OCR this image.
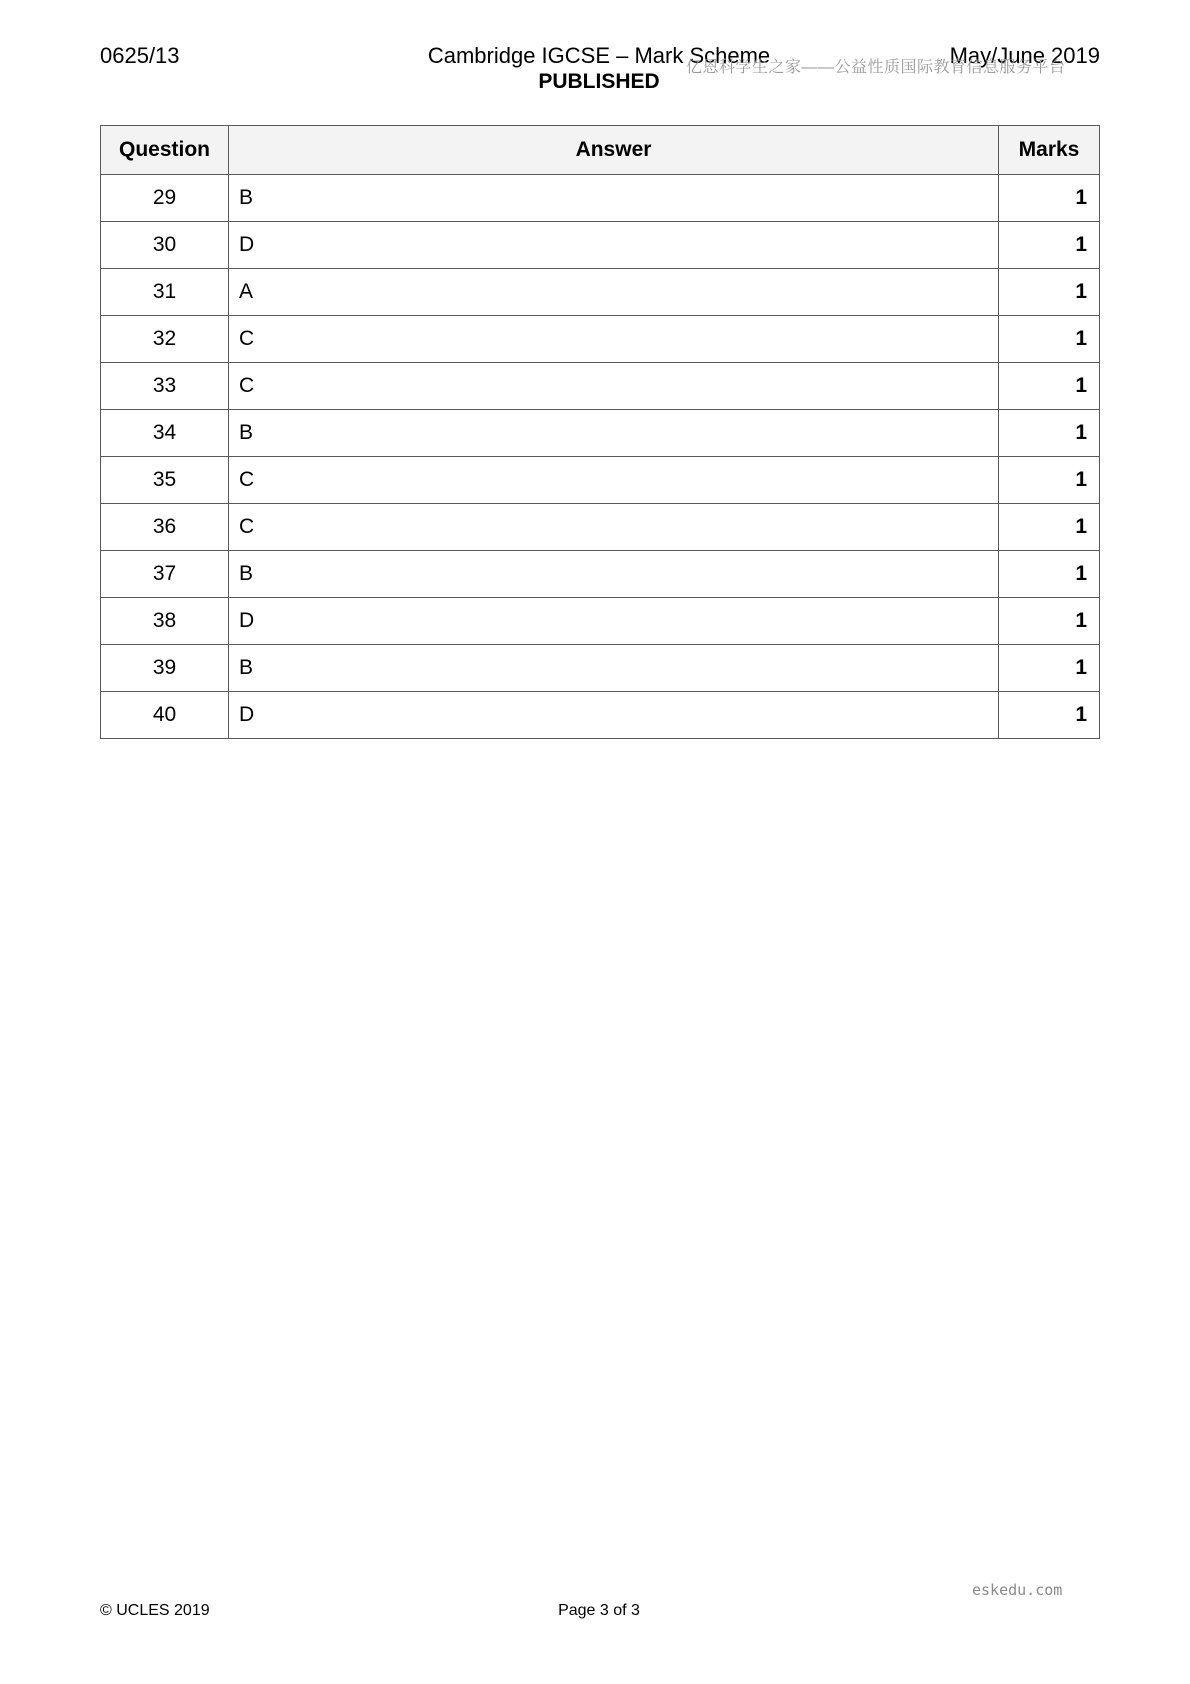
0625/13	Cambridge IGCSE – Mark Scheme	May/June 2019
PUBLISHED
亿恩科学生之家——公益性质国际教育信息服务平台
Question	Answer	Marks
29	B	1
30	D	1
31	A	1
32	C	1
33	C	1
34	B	1
35	C	1
36	C	1
37	B	1
38	D	1
39	B	1
40	D	1
eskedu.com
© UCLES 2019	Page 3 of 3
